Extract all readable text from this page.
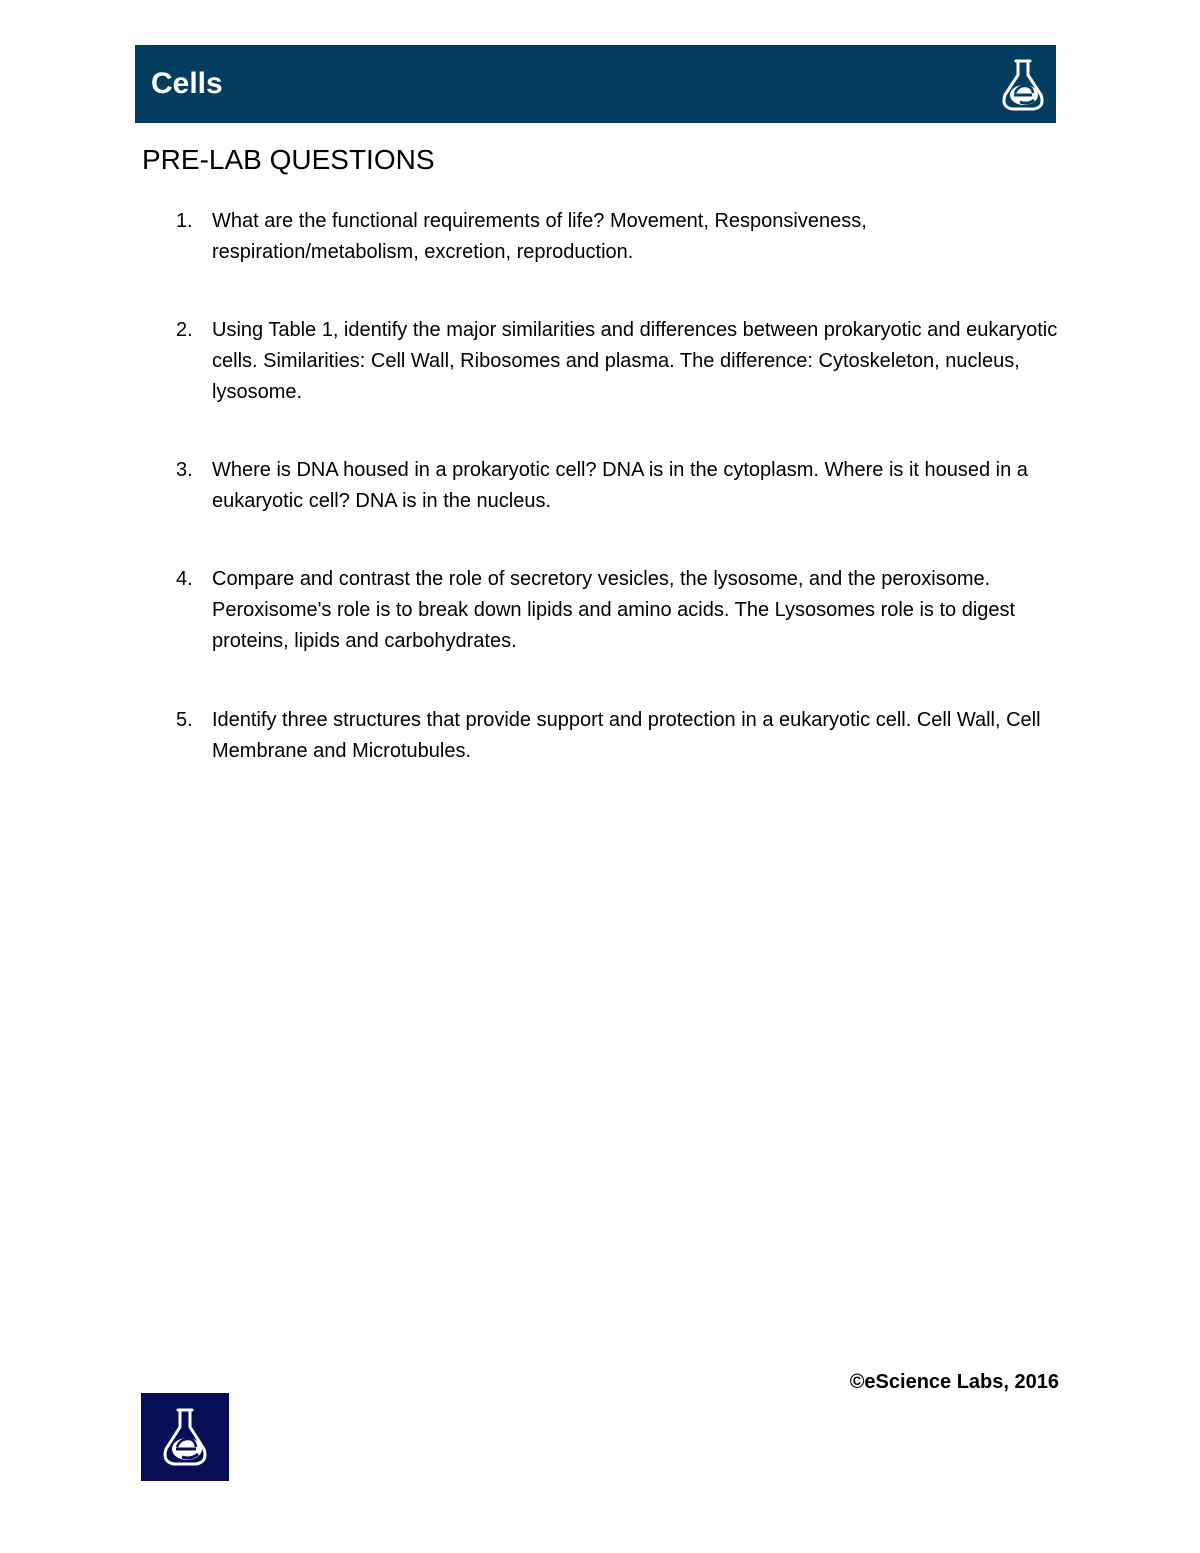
Cells
PRE-LAB QUESTIONS
1. What are the functional requirements of life? Movement, Responsiveness, respiration/metabolism, excretion, reproduction.
2. Using Table 1, identify the major similarities and differences between prokaryotic and eukaryotic cells. Similarities: Cell Wall, Ribosomes and plasma. The difference: Cytoskeleton, nucleus, lysosome.
3. Where is DNA housed in a prokaryotic cell? DNA is in the cytoplasm. Where is it housed in a eukaryotic cell? DNA is in the nucleus.
4. Compare and contrast the role of secretory vesicles, the lysosome, and the peroxisome. Peroxisome's role is to break down lipids and amino acids. The Lysosomes role is to digest proteins, lipids and carbohydrates.
5. Identify three structures that provide support and protection in a eukaryotic cell. Cell Wall, Cell Membrane and Microtubules.
©eScience Labs, 2016
